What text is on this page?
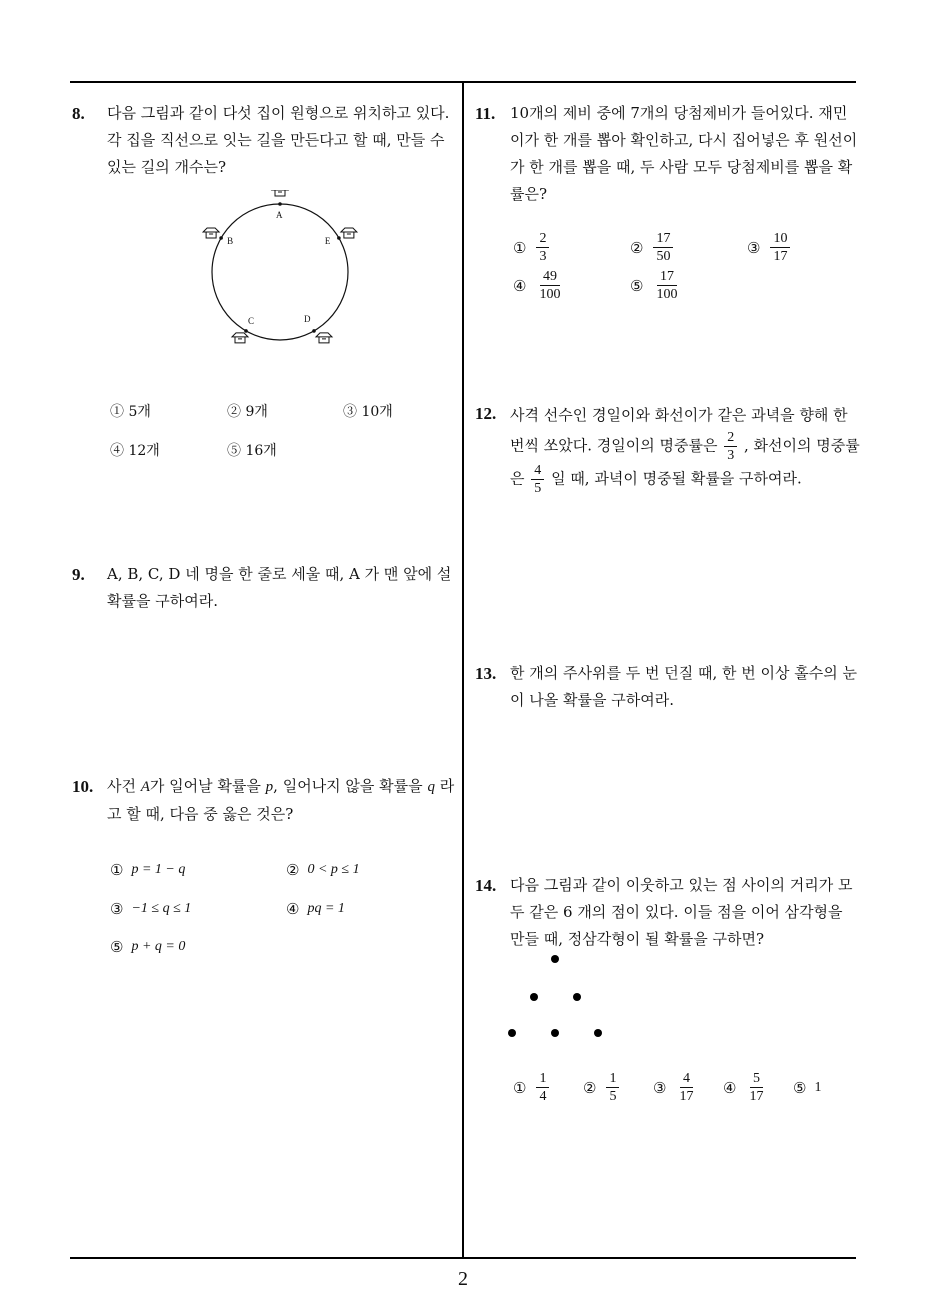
8. 다음 그림과 같이 다섯 집이 원형으로 위치하고 있다. 각 집을 직선으로 잇는 길을 만든다고 할 때, 만들 수 있는 길의 개수는?
A
B
C	D
E
① 5개	② 9개	③ 10개
④ 12개	⑤ 16개
9. A, B, C, D 네 명을 한 줄로 세울 때, A 가 맨 앞에 설 확률을 구하여라.
10. 사건 A가 일어날 확률을 p, 일어나지 않을 확률을 q 라고 할 때, 다음 중 옳은 것은?
① p = 1 − q	② 0 < p ≤ 1
③ −1 ≤ q ≤ 1	④ pq = 1
⑤ p + q = 0
11. 10개의 제비 중에 7개의 당첨제비가 들어있다. 재민이가 한 개를 뽑아 확인하고, 다시 집어넣은 후 원선이가 한 개를 뽑을 때, 두 사람 모두 당첨제비를 뽑을 확률은?
① $\frac{2}{3}$	② $\frac{17}{50}$	③ $\frac{10}{17}$
④ $\frac{49}{100}$	⑤ $\frac{17}{100}$
12. 사격 선수인 경일이와 화선이가 같은 과녁을 향해 한 번씩 쏘았다. 경일이의 명중률은 $\frac{2}{3}$ , 화선이의 명중률
은 $\frac{4}{5}$ 일 때, 과녁이 명중될 확률을 구하여라.
13. 한 개의 주사위를 두 번 던질 때, 한 번 이상 홀수의 눈이 나올 확률을 구하여라.
14. 다음 그림과 같이 이웃하고 있는 점 사이의 거리가 모두 같은 6 개의 점이 있다. 이들 점을 이어 삼각형을 만들 때, 정삼각형이 될 확률을 구하면?
① $\frac{1}{4}$ ② $\frac{1}{5}$ ③ $\frac{4}{17}$ ④ $\frac{5}{17}$ ⑤ 1
2
